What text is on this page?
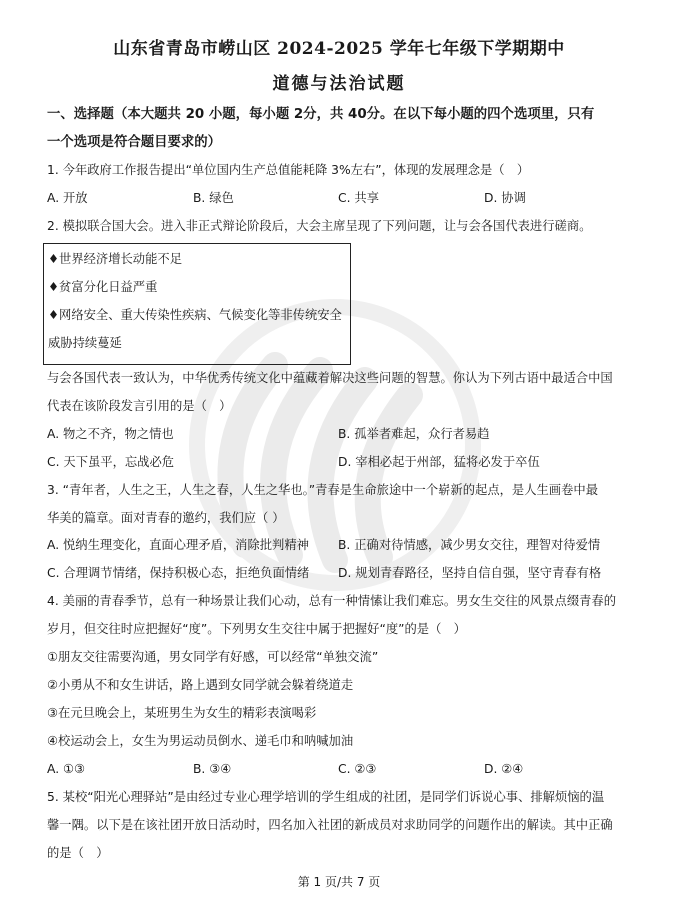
山东省青岛市崂山区 2024-2025 学年七年级下学期期中
道德与法治试题
一、选择题（本大题共 20 小题，每小题 2分，共 40分。在以下每小题的四个选项里，只有
一个选项是符合题目要求的）
1. 今年政府工作报告提出“单位国内生产总值能耗降 3%左右”，体现的发展理念是（　）
A. 开放	B. 绿色	C. 共享	D. 协调
2. 模拟联合国大会。进入非正式辩论阶段后，大会主席呈现了下列问题，让与会各国代表进行磋商。
♦世界经济增长动能不足
♦贫富分化日益严重
♦网络安全、重大传染性疾病、气候变化等非传统安全
威胁持续蔓延
与会各国代表一致认为，中华优秀传统文化中蕴藏着解决这些问题的智慧。你认为下列古语中最适合中国
代表在该阶段发言引用的是（　）
A. 物之不齐，物之情也	B. 孤举者难起，众行者易趋
C. 天下虽平，忘战必危	D. 宰相必起于州部，猛将必发于卒伍
3. “青年者，人生之王，人生之春，人生之华也。”青春是生命旅途中一个崭新的起点，是人生画卷中最
华美的篇章。面对青春的邀约，我们应（ ）
A. 悦纳生理变化，直面心理矛盾，消除批判精神 B. 正确对待情感，减少男女交往，理智对待爱情
C. 合理调节情绪，保持积极心态，拒绝负面情绪 D. 规划青春路径，坚持自信自强，坚守青春有格
4. 美丽的青春季节，总有一种场景让我们心动，总有一种情愫让我们难忘。男女生交往的风景点缀青春的
岁月，但交往时应把握好“度”。下列男女生交往中属于把握好“度”的是（　）
①朋友交往需要沟通，男女同学有好感，可以经常“单独交流”
②小勇从不和女生讲话，路上遇到女同学就会躲着绕道走
③在元旦晚会上，某班男生为女生的精彩表演喝彩
④校运动会上，女生为男运动员倒水、递毛巾和呐喊加油
A. ①③	B. ③④	C. ②③	D. ②④
5. 某校“阳光心理驿站”是由经过专业心理学培训的学生组成的社团，是同学们诉说心事、排解烦恼的温
馨一隅。以下是在该社团开放日活动时，四名加入社团的新成员对求助同学的问题作出的解读。其中正确
的是（　）
第 1 页/共 7 页
